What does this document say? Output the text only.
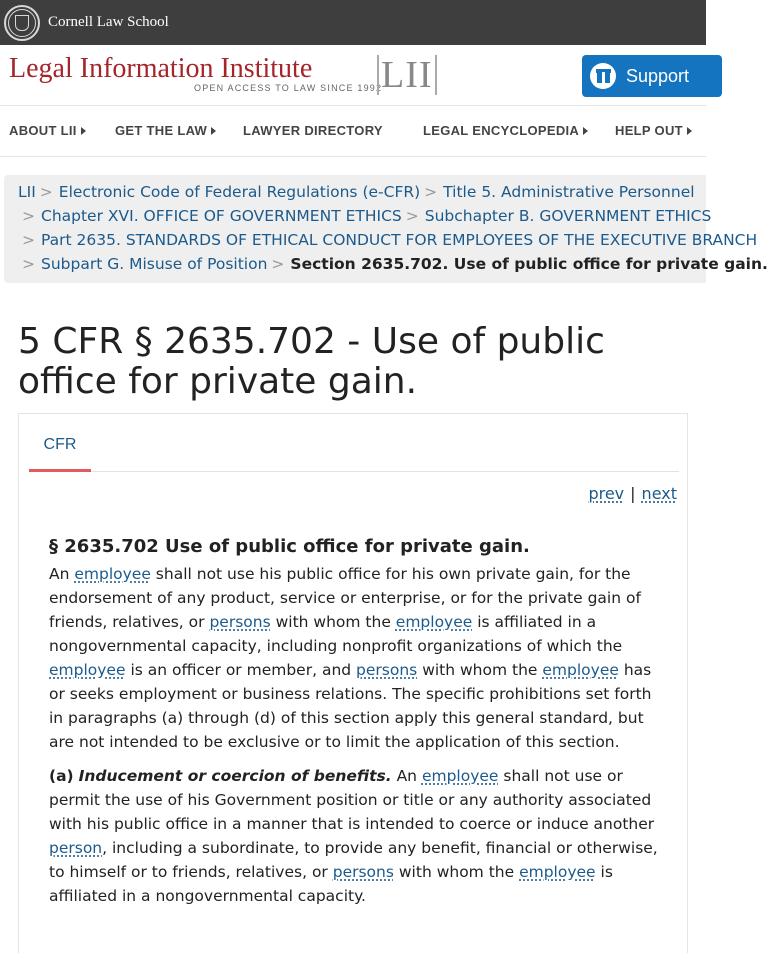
Cornell Law School
Legal Information Institute
OPEN ACCESS TO LAW SINCE 1992
LII	Support
ABOUT LII	GET THE LAW	LAWYER DIRECTORY	LEGAL ENCYCLOPEDIA	HELP OUT
LII > Electronic Code of Federal Regulations (e-CFR) > Title 5. Administrative Personnel
> Chapter XVI. OFFICE OF GOVERNMENT ETHICS > Subchapter B. GOVERNMENT ETHICS
> Part 2635. STANDARDS OF ETHICAL CONDUCT FOR EMPLOYEES OF THE EXECUTIVE BRANCH
> Subpart G. Misuse of Position > Section 2635.702. Use of public office for private gain.
5 CFR § 2635.702 - Use of public office for private gain.
CFR
prev | next
§ 2635.702 Use of public office for private gain.

An employee shall not use his public office for his own private gain, for the endorsement of any product, service or enterprise, or for the private gain of friends, relatives, or persons with whom the employee is affiliated in a nongovernmental capacity, including nonprofit organizations of which the employee is an officer or member, and persons with whom the employee has or seeks employment or business relations. The specific prohibitions set forth in paragraphs (a) through (d) of this section apply this general standard, but are not intended to be exclusive or to limit the application of this section.

(a) Inducement or coercion of benefits. An employee shall not use or permit the use of his Government position or title or any authority associated with his public office in a manner that is intended to coerce or induce another person, including a subordinate, to provide any benefit, financial or otherwise, to himself or to friends, relatives, or persons with whom the employee is affiliated in a nongovernmental capacity.
